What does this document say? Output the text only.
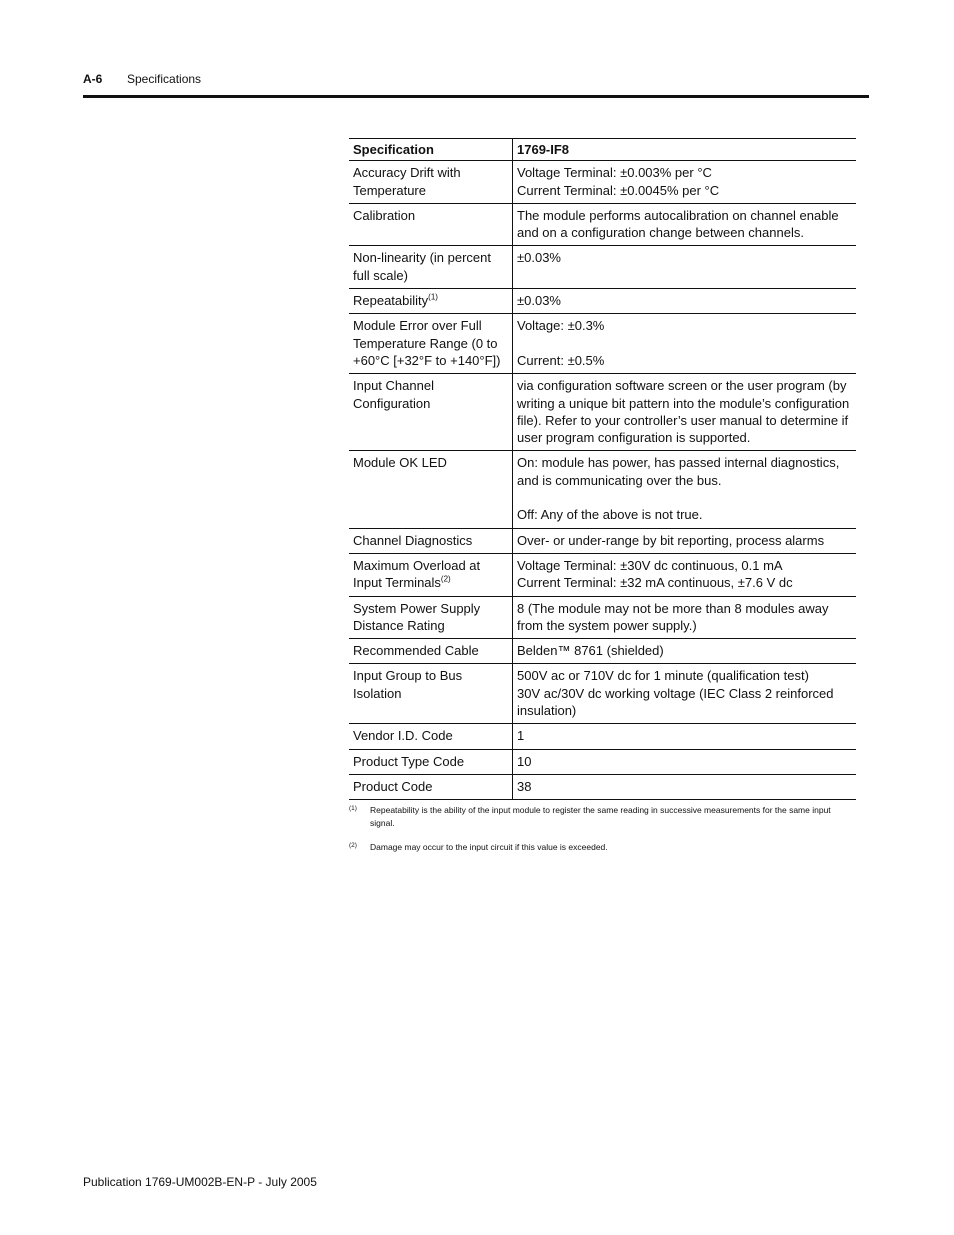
A-6	Specifications
Specification	1769-IF8
Accuracy Drift with Temperature	Voltage Terminal: ±0.003% per °C
Current Terminal: ±0.0045% per °C

Calibration	The module performs autocalibration on channel enable and on a configuration change between channels.

Non-linearity (in percent full scale)	±0.03%

Repeatability$^{(1)}$	±0.03%

Module Error over Full Temperature Range (0 to +60°C [+32°F to +140°F])	Voltage: ±0.3%
Current: ±0.5%

Input Channel Configuration	via configuration software screen or the user program (by writing a unique bit pattern into the module’s configuration file). Refer to your controller’s user manual to determine if user program configuration is supported.

Module OK LED	On: module has power, has passed internal diagnostics, and is communicating over the bus.
Off: Any of the above is not true.

Channel Diagnostics	Over- or under-range by bit reporting, process alarms

Maximum Overload at Input Terminals$^{(2)}$	Voltage Terminal: ±30V dc continuous, 0.1 mA
Current Terminal: ±32 mA continuous, ±7.6 V dc

System Power Supply Distance Rating	8 (The module may not be more than 8 modules away from the system power supply.)

Recommended Cable	Belden™ 8761 (shielded)

Input Group to Bus Isolation	500V ac or 710V dc for 1 minute (qualification test)
30V ac/30V dc working voltage (IEC Class 2 reinforced insulation)

Vendor I.D. Code	1

Product Type Code	10

Product Code	38
(1)	Repeatability is the ability of the input module to register the same reading in successive measurements for the same input signal.
(2)	Damage may occur to the input circuit if this value is exceeded.
Publication 1769-UM002B-EN-P - July 2005
